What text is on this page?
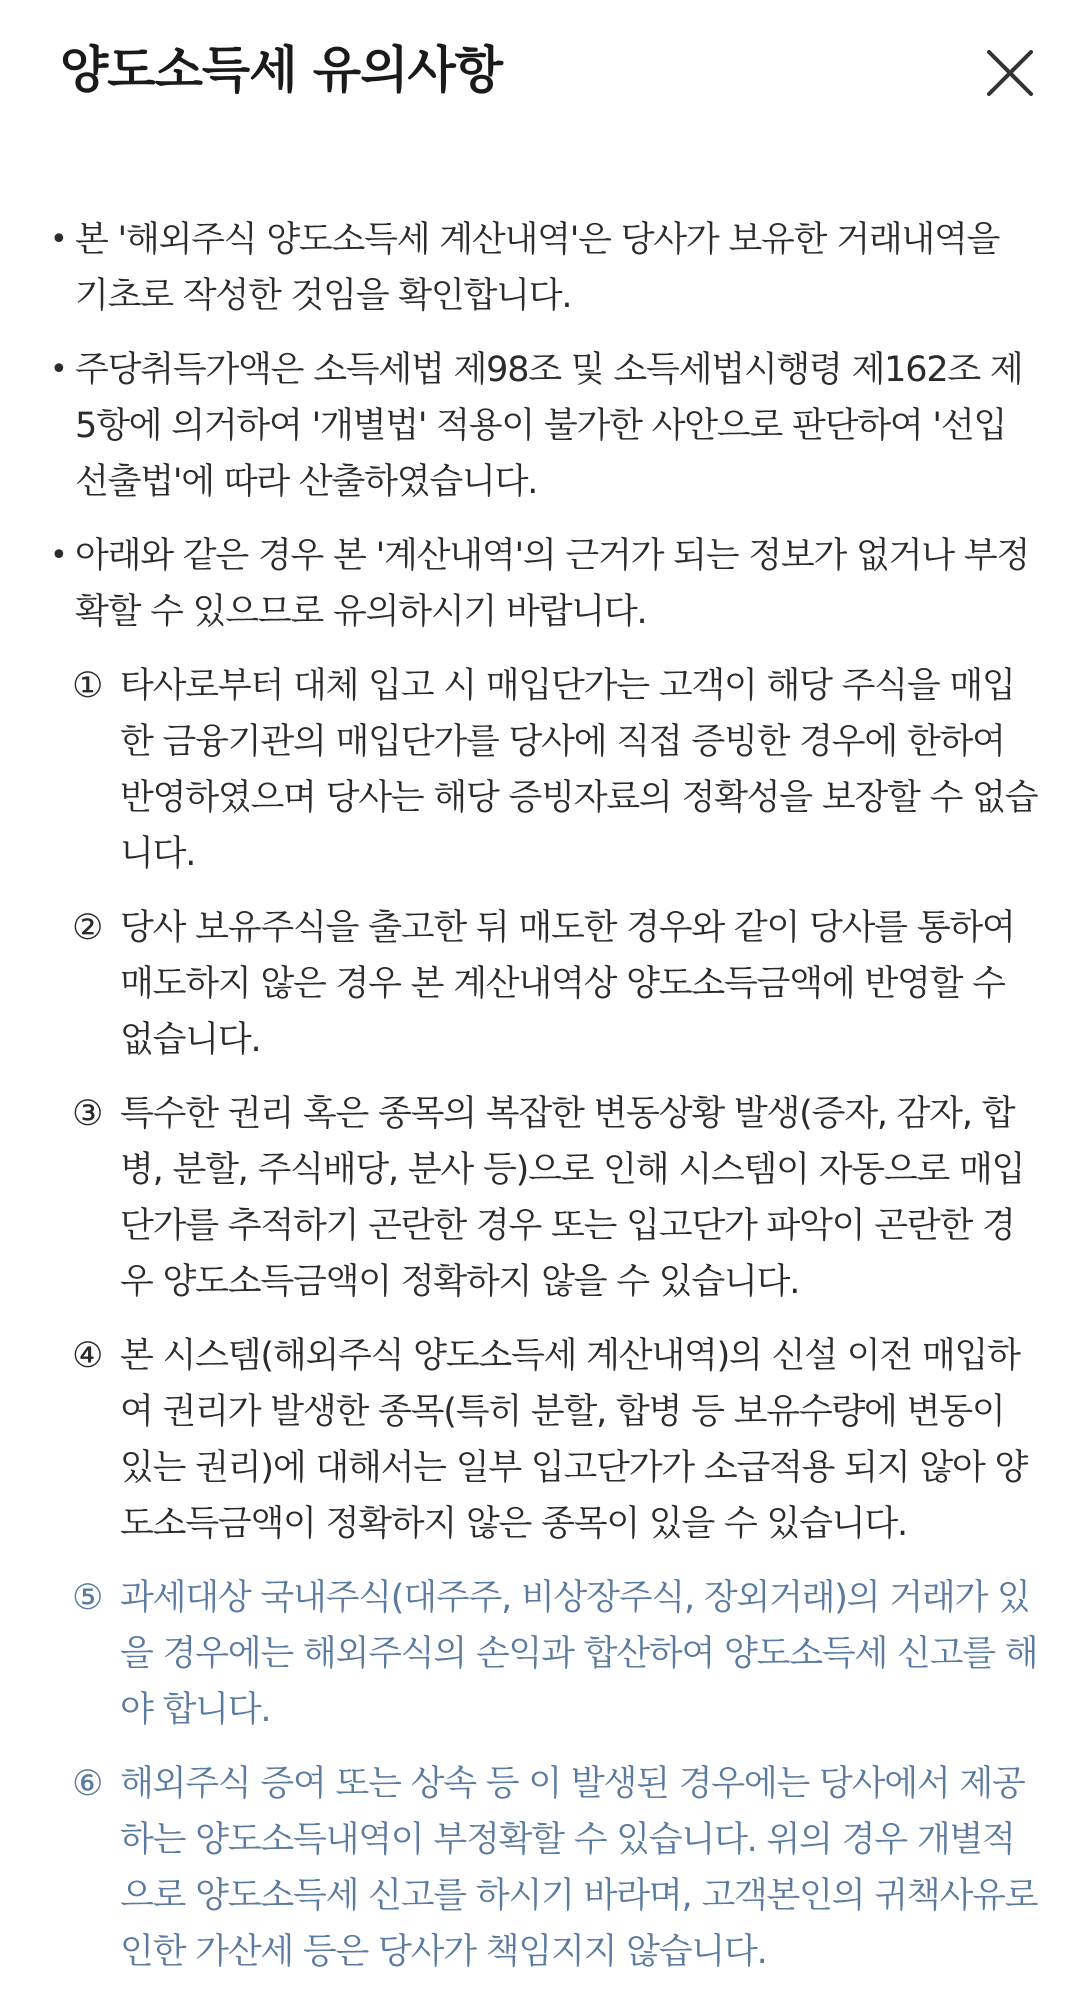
양도소득세 유의사항
• 본 '해외주식 양도소득세 계산내역'은 당사가 보유한 거래내역을 기초로 작성한 것임을 확인합니다.

• 주당취득가액은 소득세법 제98조 및 소득세법시행령 제162조 제5항에 의거하여 '개별법' 적용이 불가한 사안으로 판단하여 '선입선출법'에 따라 산출하였습니다.

• 아래와 같은 경우 본 '계산내역'의 근거가 되는 정보가 없거나 부정확할 수 있으므로 유의하시기 바랍니다.

① 타사로부터 대체 입고 시 매입단가는 고객이 해당 주식을 매입한 금융기관의 매입단가를 당사에 직접 증빙한 경우에 한하여 반영하였으며 당사는 해당 증빙자료의 정확성을 보장할 수 없습니다.

② 당사 보유주식을 출고한 뒤 매도한 경우와 같이 당사를 통하여 매도하지 않은 경우 본 계산내역상 양도소득금액에 반영할 수 없습니다.

③ 특수한 권리 혹은 종목의 복잡한 변동상황 발생(증자, 감자, 합병, 분할, 주식배당, 분사 등)으로 인해 시스템이 자동으로 매입단가를 추적하기 곤란한 경우 또는 입고단가 파악이 곤란한 경우 양도소득금액이 정확하지 않을 수 있습니다.

④ 본 시스템(해외주식 양도소득세 계산내역)의 신설 이전 매입하여 권리가 발생한 종목(특히 분할, 합병 등 보유수량에 변동이 있는 권리)에 대해서는 일부 입고단가가 소급적용 되지 않아 양도소득금액이 정확하지 않은 종목이 있을 수 있습니다.

⑤ 과세대상 국내주식(대주주, 비상장주식, 장외거래)의 거래가 있을 경우에는 해외주식의 손익과 합산하여 양도소득세 신고를 해야 합니다.

⑥ 해외주식 증여 또는 상속 등 이 발생된 경우에는 당사에서 제공하는 양도소득내역이 부정확할 수 있습니다. 위의 경우 개별적으로 양도소득세 신고를 하시기 바라며, 고객본인의 귀책사유로 인한 가산세 등은 당사가 책임지지 않습니다.
